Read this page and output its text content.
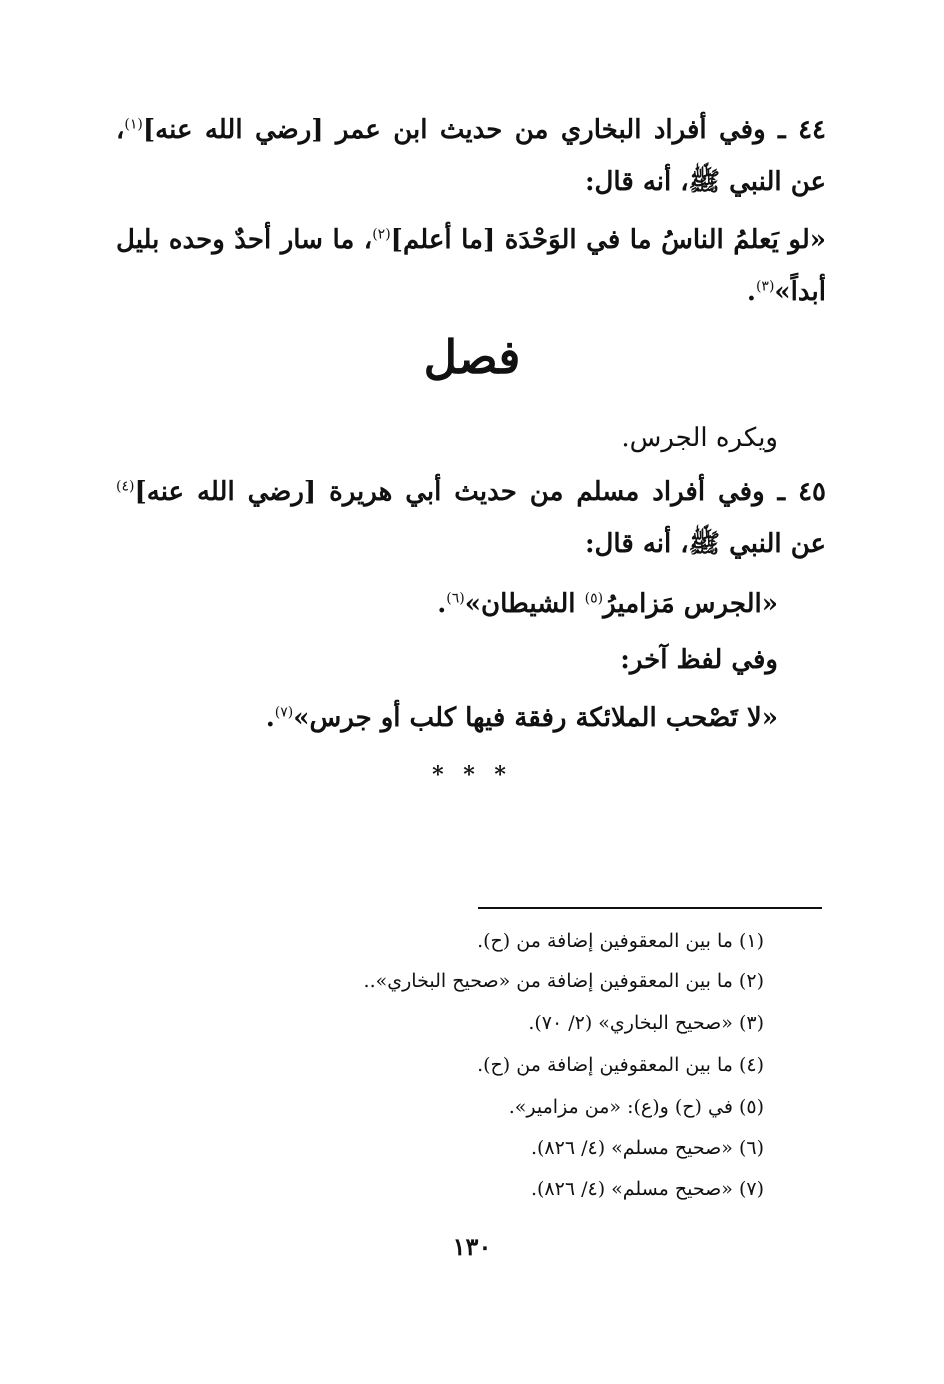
٤٤ ـ وفي أفراد البخاري من حديث ابن عمر [رضي الله عنه]$^{(١)}$، عن النبي ﷺ، أنه قال:
«لو يَعلمُ الناسُ ما في الوَحْدَة [ما أعلم]$^{(٢)}$، ما سار أحدٌ وحده بليل أبداً»$^{(٣)}$.
فصل
ويكره الجرس.
٤٥ ـ وفي أفراد مسلم من حديث أبي هريرة [رضي الله عنه]$^{(٤)}$ عن النبي ﷺ، أنه قال:
«الجرس مَزاميرُ$^{(٥)}$ الشيطان»$^{(٦)}$.
وفي لفظ آخر:
«لا تَصْحب الملائكة رفقة فيها كلب أو جرس»$^{(٧)}$.
* * *
(١) ما بين المعقوفين إضافة من (ح).
(٢) ما بين المعقوفين إضافة من «صحيح البخاري»..
(٣) «صحيح البخاري» (٢/ ٧٠).
(٤) ما بين المعقوفين إضافة من (ح).
(٥) في (ح) و(ع): «من مزامير».
(٦) «صحيح مسلم» (٤/ ٨٢٦).
(٧) «صحيح مسلم» (٤/ ٨٢٦).
١٣٠
